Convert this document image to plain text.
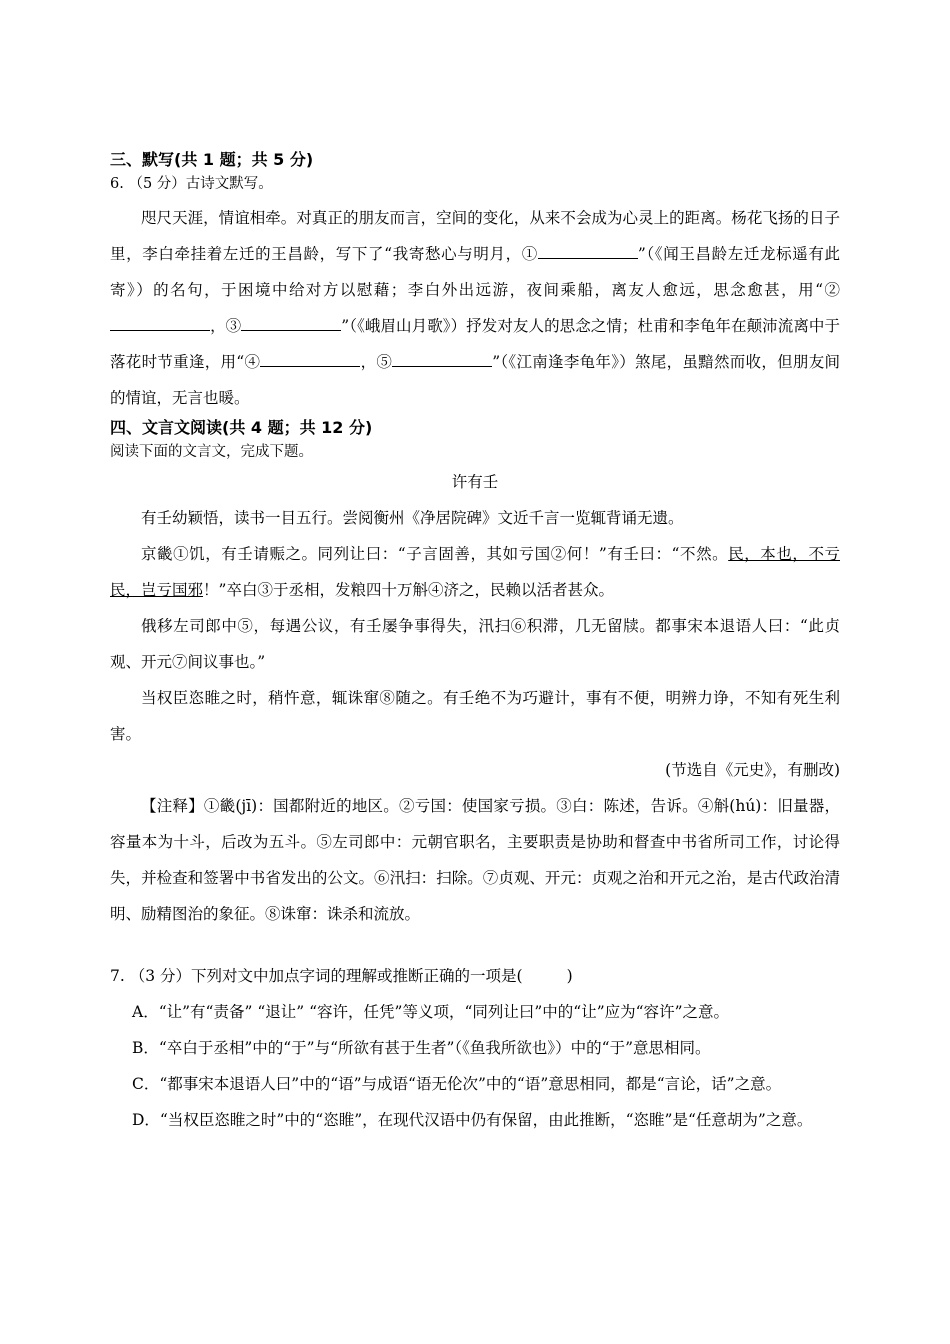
三、默写(共 1 题；共 5 分)

6. （5 分）古诗文默写。

咫尺天涯，情谊相牵。对真正的朋友而言，空间的变化，从来不会成为心灵上的距离。杨花飞扬的日子里，李白牵挂着左迁的王昌龄，写下了“我寄愁心与明月，①	”（《闻王昌龄左迁龙标遥有此寄》）的名句，于困境中给对方以慰藉；李白外出远游，夜间乘船，离友人愈远，思念愈甚，用“②，③	”（《峨眉山月歌》）抒发对友人的思念之情；杜甫和李龟年在颠沛流离中于落花时节重逢，用“④	，⑤	”（《江南逢李龟年》）煞尾，虽黯然而收，但朋友间的情谊，无言也暖。

四、文言文阅读(共 4 题；共 12 分)

阅读下面的文言文，完成下题。

许有壬

有壬幼颖悟，读书一目五行。尝阅衡州《净居院碑》文近千言一览辄背诵无遗。

京畿①饥，有壬请赈之。同列让曰：“子言固善，其如亏国②何！”有壬曰：“不然。民，本也，不亏民，岂亏国邪！”卒白③于丞相，发粮四十万斛④济之，民赖以活者甚众。

俄移左司郎中⑤，每遇公议，有壬屡争事得失，汛扫⑥积滞，几无留牍。都事宋本退语人曰：“此贞观、开元⑦间议事也。”

当权臣恣睢之时，稍忤意，辄诛窜⑧随之。有壬绝不为巧避计，事有不便，明辨力诤，不知有死生利害。

(节选自《元史》，有删改)

【注释】①畿(jī)：国都附近的地区。②亏国：使国家亏损。③白：陈述，告诉。④斛(hú)：旧量器，容量本为十斗，后改为五斗。⑤左司郎中：元朝官职名，主要职责是协助和督查中书省所司工作，讨论得失，并检查和签署中书省发出的公文。⑥汛扫：扫除。⑦贞观、开元：贞观之治和开元之治，是古代政治清明、励精图治的象征。⑧诛窜：诛杀和流放。

7. （3 分）下列对文中加点字词的理解或推断正确的一项是(	)

A．“让”有“责备” “退让” “容许，任凭”等义项，“同列让曰”中的“让”应为“容许”之意。

B．“卒白于丞相”中的“于”与“所欲有甚于生者”（《鱼我所欲也》）中的“于”意思相同。

C．“都事宋本退语人曰”中的“语”与成语“语无伦次”中的“语”意思相同，都是“言论，话”之意。

D．“当权臣恣睢之时”中的“恣睢”，在现代汉语中仍有保留，由此推断，“恣睢”是“任意胡为”之意。
